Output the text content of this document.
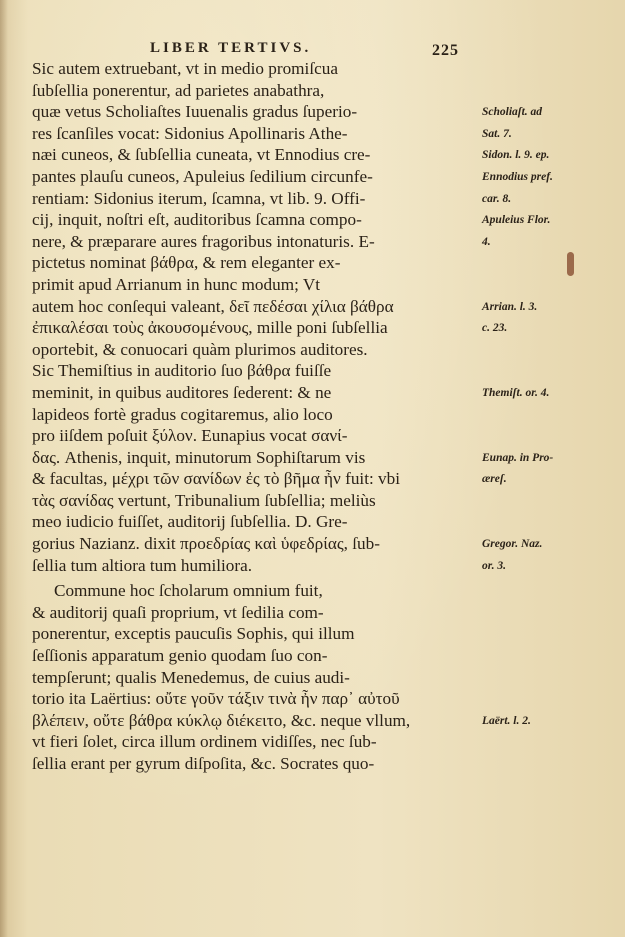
LIBER TERTIVS.	225
Sic autem extruebant, vt in medio promiſcua
ſubſellia ponerentur, ad parietes anabathra,
quæ vetus Scholiaſtes Iuuenalis gradus ſuperio-
res ſcanſiles vocat: Sidonius Apollinaris Athe-
næi cuneos, & ſubſellia cuneata, vt Ennodius cre-
pantes plauſu cuneos, Apuleius ſedilium circunfe-
rentiam: Sidonius iterum, ſcamna, vt lib. 9. Offi-
cij, inquit, noſtri eſt, auditoribus ſcamna compo-
nere, & præparare aures fragoribus intonaturis. E-
pictetus nominat βάθρα, & rem eleganter ex-
primit apud Arrianum in hunc modum; Vt
autem hoc conſequi valeant, δεῖ πεδέσαι χίλια βάθρα
ἐπικαλέσαι τοὺς ἀκουσομένους, mille poni ſubſellia
oportebit, & conuocari quàm plurimos auditores.
Sic Themiſtius in auditorio ſuo βάθρα fuiſſe
meminit, in quibus auditores ſederent: & ne
lapideos fortè gradus cogitaremus, alio loco
pro iiſdem poſuit ξύλον. Eunapius vocat σανί-
δας. Athenis, inquit, minutorum Sophiſtarum vis
& facultas, μέχρι τῶν σανίδων ἐς τὸ βῆμα ἦν fuit: vbi
τὰς σανίδας vertunt, Tribunalium ſubſellia; meliùs
meo iudicio fuiſſet, auditorij ſubſellia. D. Gre-
gorius Nazianz. dixit προεδρίας καὶ ὑφεδρίας, ſub-
ſellia tum altiora tum humiliora.
Commune hoc ſcholarum omnium fuit,
& auditorij quaſi proprium, vt ſedilia com-
ponerentur, exceptis paucuſis Sophis, qui illum
ſeſſionis apparatum genio quodam ſuo con-
tempſerunt; qualis Menedemus, de cuius audi-
torio ita Laërtius: οὔτε γοῦν τάξιν τινὰ ἦν παρ᾿ αὐτοῦ
βλέπειν, οὔτε βάθρα κύκλῳ διέκειτο, &c. neque vllum,
vt fieri ſolet, circa illum ordinem vidiſſes, nec ſub-
ſellia erant per gyrum diſpoſita, &c. Socrates quo-
Scholiaſt. ad
Sat. 7.
Sidon. l. 9. ep.
Ennodius pref.
car. 8.
Apuleius Flor.
4.
Arrian. l. 3.
c. 23.
Themiſt. or. 4.
Eunap. in Pro-
æreſ.
Gregor. Naz.
or. 3.
Laërt. l. 2.
